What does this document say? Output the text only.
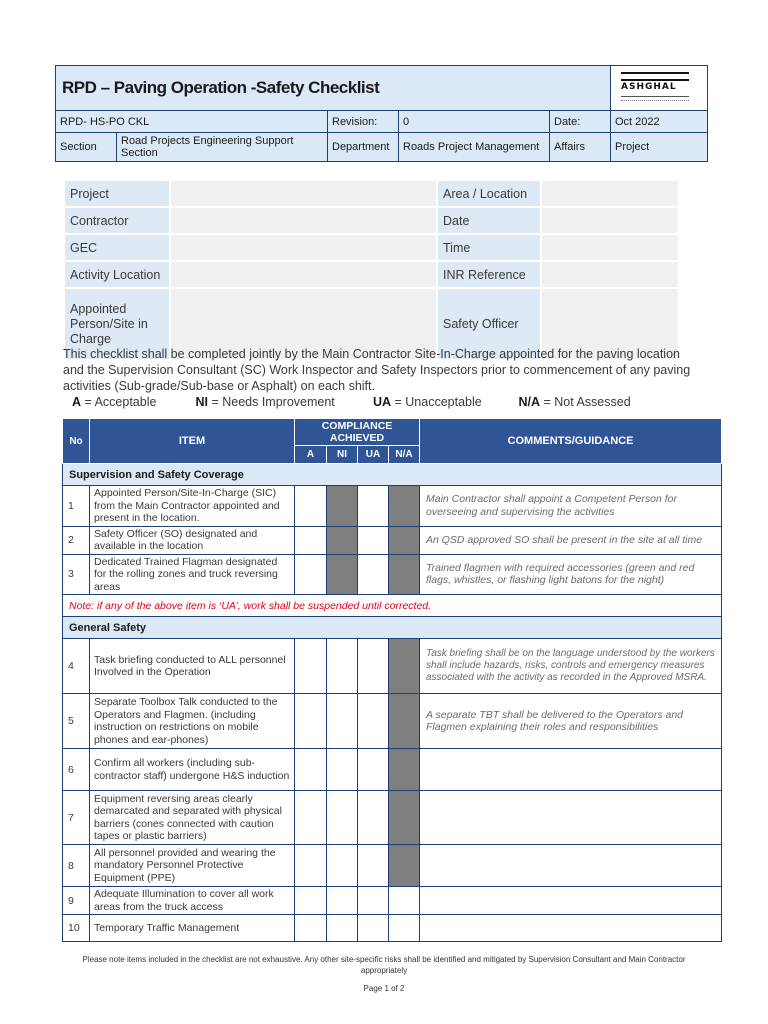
RPD – Paving Operation -Safety Checklist					ASHGHAL

RPD- HS-PO CKL		Revision:	0	Date:	Oct 2022
Section	Road Projects Engineering Support Section	Department	Roads Project Management	Affairs	Project
Project		Area / Location	
Contractor		Date	
GEC		Time	
Activity Location		INR Reference	
Appointed Person/Site in Charge		Safety Officer	

This checklist shall be completed jointly by the Main Contractor Site-In-Charge appointed for the paving location and the Supervision Consultant (SC) Work Inspector and Safety Inspectors prior to commencement of any paving activities (Sub-grade/Sub-base or Asphalt) on each shift.

A = Acceptable	NI = Needs Improvement	UA = Unacceptable	N/A = Not Assessed
No	ITEM	COMPLIANCE ACHIEVED				COMMENTS/GUIDANCE
		A	NI	UA	N/A	
Supervision and Safety Coverage						
1	Appointed Person/Site-In-Charge (SIC) from the Main Contractor appointed and present in the location.					Main Contractor shall appoint a Competent Person for overseeing and supervising the activities
2	Safety Officer (SO) designated and available in the location					An QSD approved SO shall be present in the site at all time
3	Dedicated Trained Flagman designated for the rolling zones and truck reversing areas					Trained flagmen with required accessories (green and red flags, whistles, or flashing light batons for the night)
Note: if any of the above item is ‘UA’, work shall be suspended until corrected.						
General Safety						
4	Task briefing conducted to ALL personnel Involved in the Operation					Task briefing shall be on the language understood by the workers shall include hazards, risks, controls and emergency measures associated with the activity as recorded in the Approved MSRA.
5	Separate Toolbox Talk conducted to the Operators and Flagmen. (including instruction on restrictions on mobile phones and ear-phones)					A separate TBT shall be delivered to the Operators and Flagmen explaining their roles and responsibilities
6	Confirm all workers (including sub-contractor staff) undergone H&S induction					
7	Equipment reversing areas clearly demarcated and separated with physical barriers (cones connected with caution tapes or plastic barriers)					
8	All personnel provided and wearing the mandatory Personnel Protective Equipment (PPE)					
9	Adequate Illumination to cover all work areas from the truck access					
10	Temporary Traffic Management					
Please note items included in the checklist are not exhaustive. Any other site-specific risks shall be identified and mitigated by Supervision Consultant and Main Contractor appropriately
Page 1 of 2
